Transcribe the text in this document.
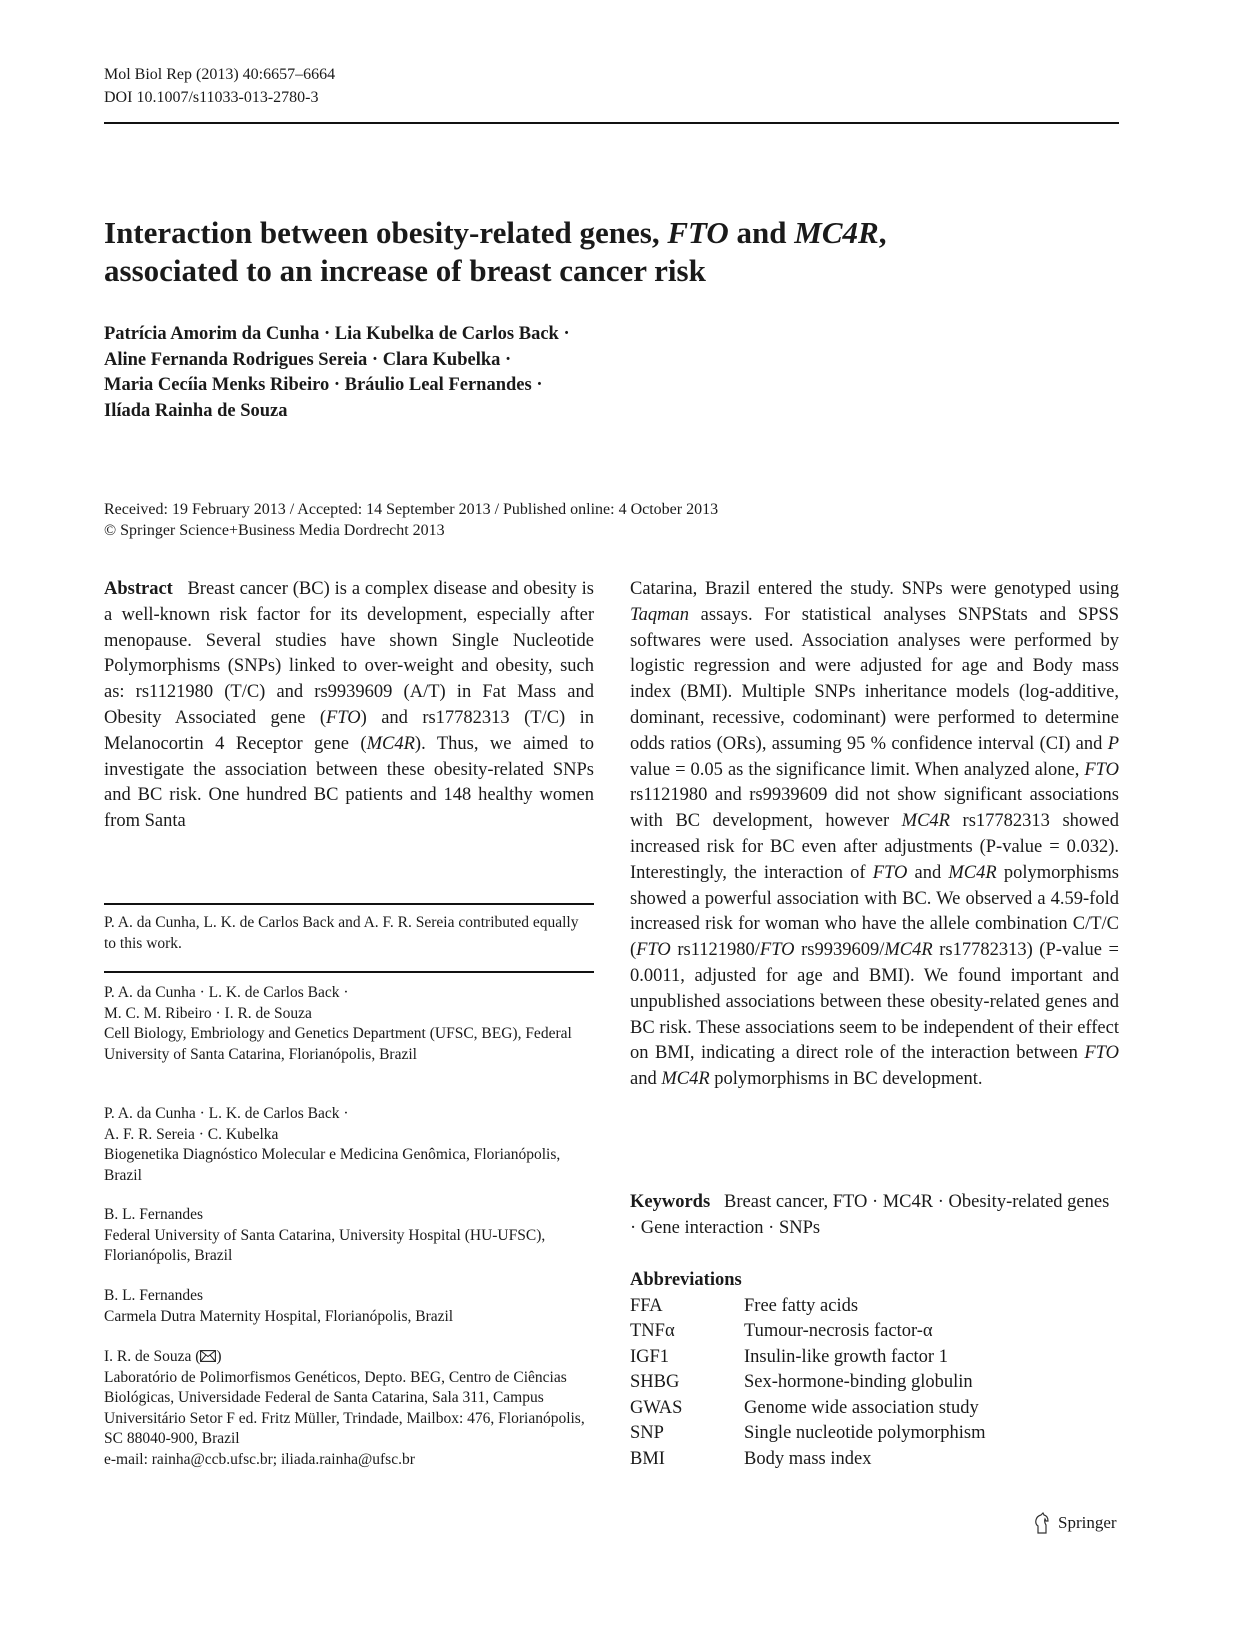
Mol Biol Rep (2013) 40:6657–6664
DOI 10.1007/s11033-013-2780-3
Interaction between obesity-related genes, FTO and MC4R,
associated to an increase of breast cancer risk
Patrícia Amorim da Cunha · Lia Kubelka de Carlos Back ·
Aline Fernanda Rodrigues Sereia · Clara Kubelka ·
Maria Cecíia Menks Ribeiro · Bráulio Leal Fernandes ·
Ilíada Rainha de Souza
Received: 19 February 2013 / Accepted: 14 September 2013 / Published online: 4 October 2013
© Springer Science+Business Media Dordrecht 2013
Abstract Breast cancer (BC) is a complex disease and obesity is a well-known risk factor for its development, especially after menopause. Several studies have shown Single Nucleotide Polymorphisms (SNPs) linked to over-weight and obesity, such as: rs1121980 (T/C) and rs9939609 (A/T) in Fat Mass and Obesity Associated gene (FTO) and rs17782313 (T/C) in Melanocortin 4 Receptor gene (MC4R). Thus, we aimed to investigate the association between these obesity-related SNPs and BC risk. One hundred BC patients and 148 healthy women from Santa
Catarina, Brazil entered the study. SNPs were genotyped using Taqman assays. For statistical analyses SNPStats and SPSS softwares were used. Association analyses were performed by logistic regression and were adjusted for age and Body mass index (BMI). Multiple SNPs inheritance models (log-additive, dominant, recessive, codominant) were performed to determine odds ratios (ORs), assuming 95 % confidence interval (CI) and P value = 0.05 as the significance limit. When analyzed alone, FTO rs1121980 and rs9939609 did not show significant associations with BC development, however MC4R rs17782313 showed increased risk for BC even after adjustments (P-value = 0.032). Interestingly, the interaction of FTO and MC4R polymorphisms showed a powerful association with BC. We observed a 4.59-fold increased risk for woman who have the allele combination C/T/C (FTO rs1121980/FTO rs9939609/MC4R rs17782313) (P-value = 0.0011, adjusted for age and BMI). We found important and unpublished associations between these obesity-related genes and BC risk. These associations seem to be independent of their effect on BMI, indicating a direct role of the interaction between FTO and MC4R polymorphisms in BC development.
P. A. da Cunha, L. K. de Carlos Back and A. F. R. Sereia contributed equally to this work.
P. A. da Cunha · L. K. de Carlos Back ·
M. C. M. Ribeiro · I. R. de Souza
Cell Biology, Embriology and Genetics Department (UFSC, BEG), Federal University of Santa Catarina, Florianópolis, Brazil
P. A. da Cunha · L. K. de Carlos Back ·
A. F. R. Sereia · C. Kubelka
Biogenetika Diagnóstico Molecular e Medicina Genômica, Florianópolis, Brazil
B. L. Fernandes
Federal University of Santa Catarina, University Hospital (HU-UFSC), Florianópolis, Brazil
B. L. Fernandes
Carmela Dutra Maternity Hospital, Florianópolis, Brazil
I. R. de Souza ( )
Laboratório de Polimorfismos Genéticos, Depto. BEG, Centro de Ciências Biológicas, Universidade Federal de Santa Catarina, Sala 311, Campus Universitário Setor F ed. Fritz Müller, Trindade, Mailbox: 476, Florianópolis, SC 88040-900, Brazil
e-mail: rainha@ccb.ufsc.br; iliada.rainha@ufsc.br
Keywords Breast cancer, FTO · MC4R · Obesity-related genes · Gene interaction · SNPs
Abbreviations
FFA	Free fatty acids
TNFα	Tumour-necrosis factor-α
IGF1	Insulin-like growth factor 1
SHBG	Sex-hormone-binding globulin
GWAS	Genome wide association study
SNP	Single nucleotide polymorphism
BMI	Body mass index
Springer
